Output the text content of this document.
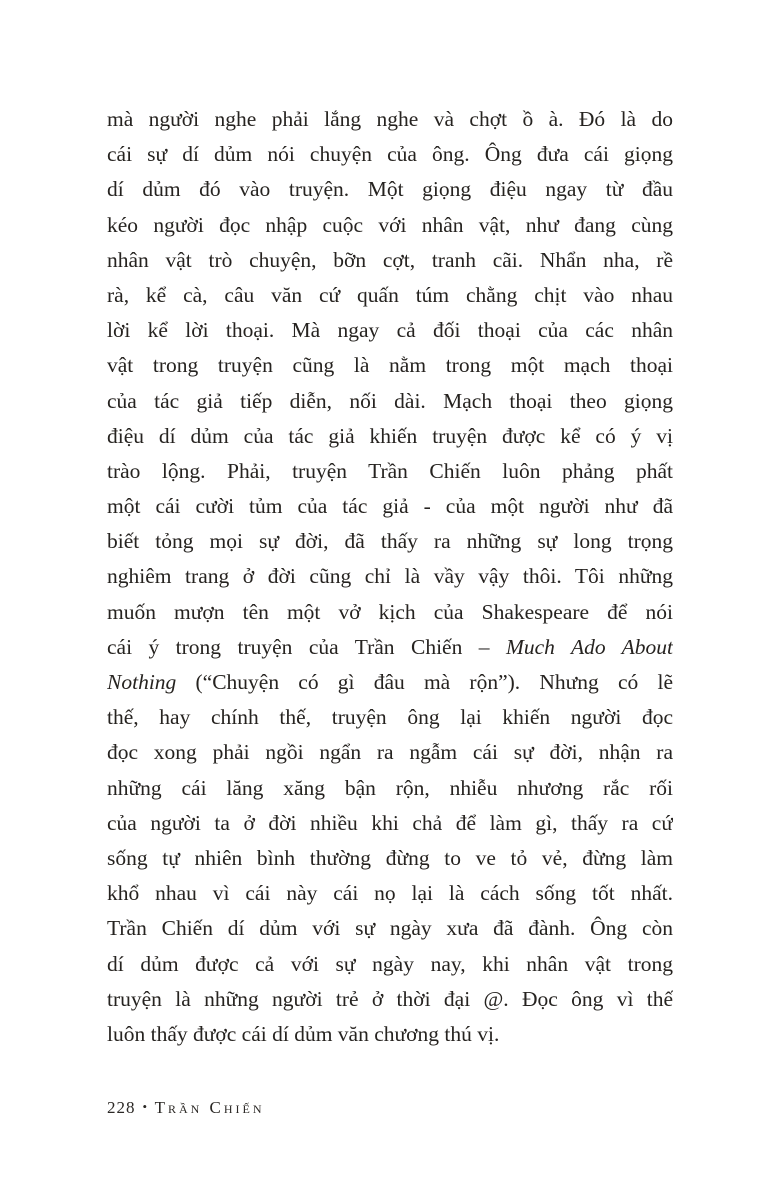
mà người nghe phải lắng nghe và chợt ồ à. Đó là do
cái sự dí dủm nói chuyện của ông. Ông đưa cái giọng
dí dủm đó vào truyện. Một giọng điệu ngay từ đầu
kéo người đọc nhập cuộc với nhân vật, như đang cùng
nhân vật trò chuyện, bỡn cợt, tranh cãi. Nhẩn nha, rề
rà, kể cà, câu văn cứ quấn túm chằng chịt vào nhau
lời kể lời thoại. Mà ngay cả đối thoại của các nhân
vật trong truyện cũng là nằm trong một mạch thoại
của tác giả tiếp diễn, nối dài. Mạch thoại theo giọng
điệu dí dủm của tác giả khiến truyện được kể có ý vị
trào lộng. Phải, truyện Trần Chiến luôn phảng phất
một cái cười tủm của tác giả - của một người như đã
biết tỏng mọi sự đời, đã thấy ra những sự long trọng
nghiêm trang ở đời cũng chỉ là vầy vậy thôi. Tôi những
muốn mượn tên một vở kịch của Shakespeare để nói
cái ý trong truyện của Trần Chiến – Much Ado About
Nothing (“Chuyện có gì đâu mà rộn”). Nhưng có lẽ
thế, hay chính thế, truyện ông lại khiến người đọc
đọc xong phải ngồi ngẩn ra ngẫm cái sự đời, nhận ra
những cái lăng xăng bận rộn, nhiễu nhương rắc rối
của người ta ở đời nhiều khi chả để làm gì, thấy ra cứ
sống tự nhiên bình thường đừng to ve tỏ vẻ, đừng làm
khổ nhau vì cái này cái nọ lại là cách sống tốt nhất.
Trần Chiến dí dủm với sự ngày xưa đã đành. Ông còn
dí dủm được cả với sự ngày nay, khi nhân vật trong
truyện là những người trẻ ở thời đại @. Đọc ông vì thế
luôn thấy được cái dí dủm văn chương thú vị.
228 • Trần Chiến
